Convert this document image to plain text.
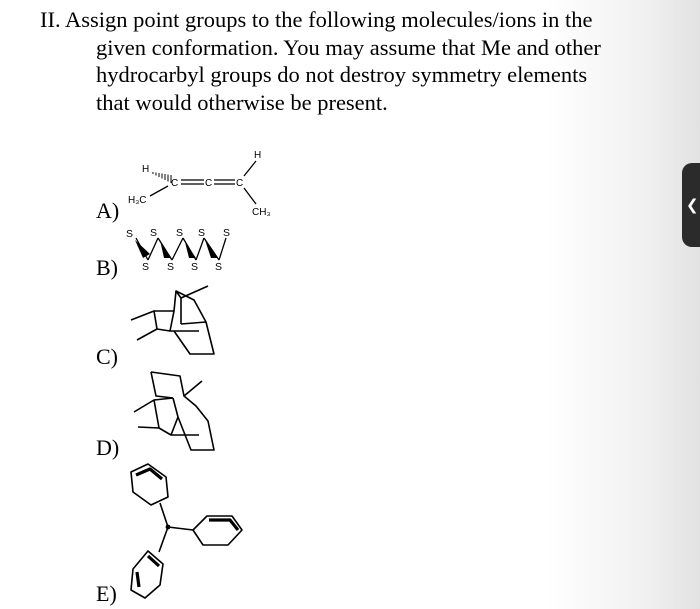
II. Assign point groups to the following molecules/ions in the
given conformation. You may assume that Me and other
hydrocarbyl groups do not destroy symmetry elements
that would otherwise be present.
A)
B)
C)
D)
E)
H
H₃C
C	C C
H
CH₃
S S S S S
S S S S
❮
